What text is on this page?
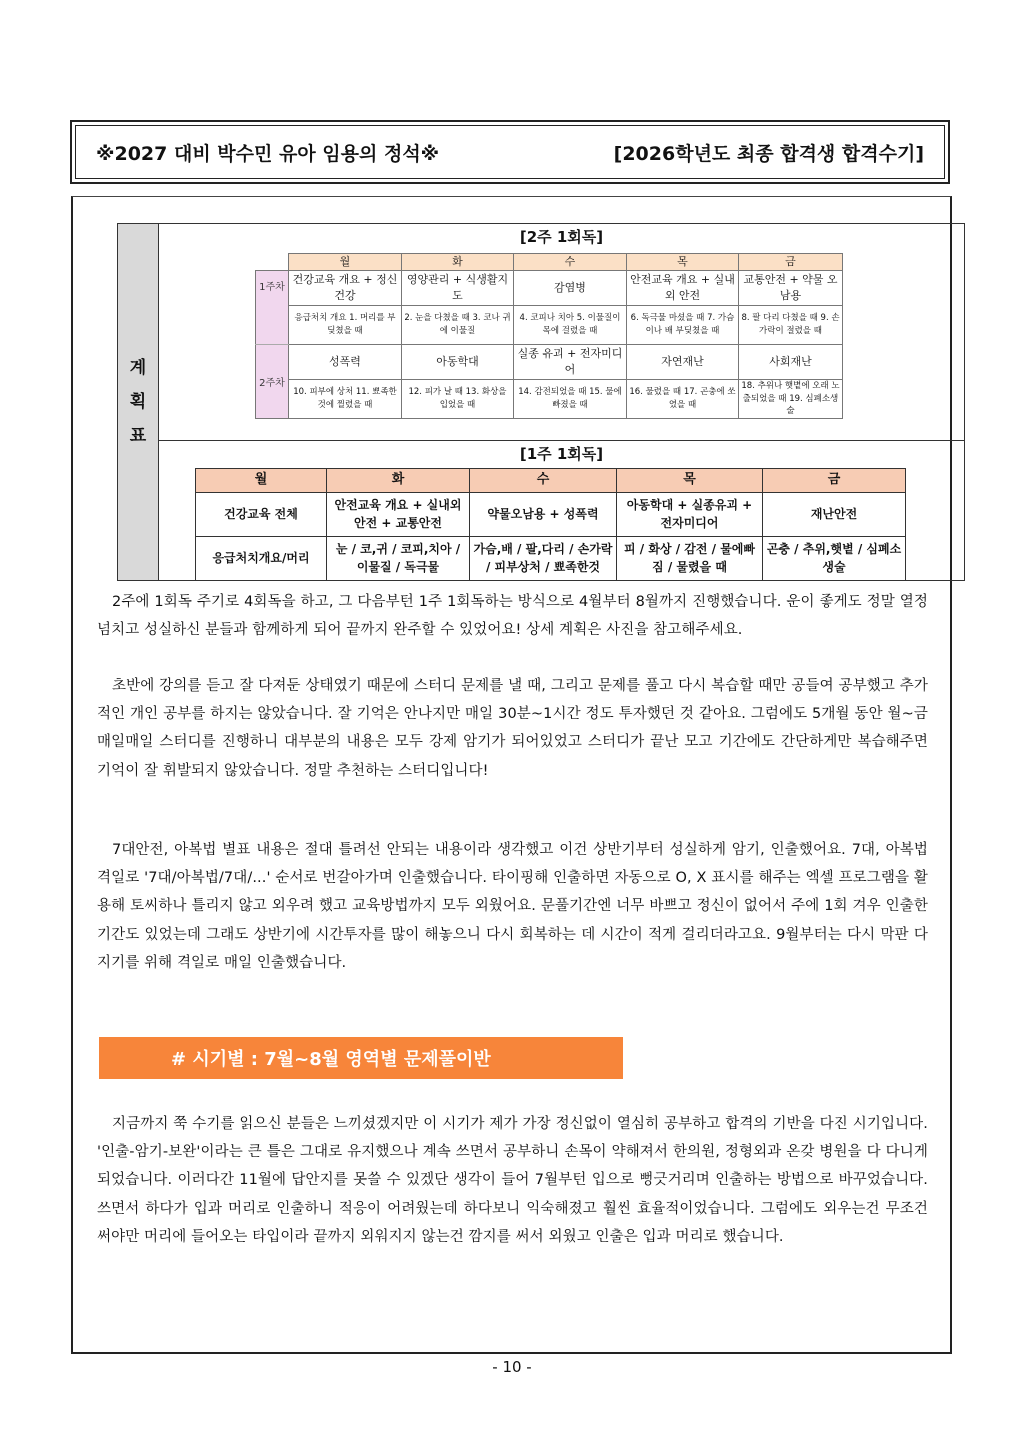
※2027 대비 박수민 유아 임용의 정석※	[2026학년도 최종 합격생 합격수기]
계
획
표
[2주 1회독]
	월	화	수	목	금
1주차	건강교육 개요 + 정신건강	영양관리 + 식생활지도	감염병	안전교육 개요 + 실내외 안전	교통안전 + 약물 오남용
	응급처치 개요 1. 머리를 부딪쳤을 때	2. 눈을 다쳤을 때 3. 코나 귀에 이물질	4. 코피나 치아 5. 이물질이 목에 걸렸을 때	6. 독극물 마셨을 때 7. 가슴이나 배 부딪쳤을 때	8. 팔 다리 다쳤을 때 9. 손가락이 절렸을 때
2주차	성폭력	아동학대	실종 유괴 + 전자미디어	자연재난	사회재난
	10. 피부에 상처 11. 뾰족한 것에 찔렸을 때	12. 피가 날 때 13. 화상을 입었을 때	14. 감전되었을 때 15. 물에 빠졌을 때	16. 물렸을 때 17. 곤충에 쏘였을 때	18. 추위나 햇볕에 오래 노출되었을 때 19. 심폐소생술
[1주 1회독]
월	화	수	목	금
건강교육 전체	안전교육 개요 + 실내외 안전 + 교통안전	약물오남용 + 성폭력	아동학대 + 실종유괴 + 전자미디어	재난안전
응급처치개요/머리	눈 / 코,귀 / 코피,치아 / 이물질 / 독극물	가슴,배 / 팔,다리 / 손가락 / 피부상처 / 뾰족한것	피 / 화상 / 감전 / 물에빠짐 / 물렸을 때	곤충 / 추위,햇볕 / 심폐소생술

2주에 1회독 주기로 4회독을 하고, 그 다음부턴 1주 1회독하는 방식으로 4월부터 8월까지 진행했습니다. 운이 좋게도 정말 열정 넘치고 성실하신 분들과 함께하게 되어 끝까지 완주할 수 있었어요! 상세 계획은 사진을 참고해주세요.

초반에 강의를 듣고 잘 다져둔 상태였기 때문에 스터디 문제를 낼 때, 그리고 문제를 풀고 다시 복습할 때만 공들여 공부했고 추가적인 개인 공부를 하지는 않았습니다. 잘 기억은 안나지만 매일 30분~1시간 정도 투자했던 것 같아요. 그럼에도 5개월 동안 월~금 매일매일 스터디를 진행하니 대부분의 내용은 모두 강제 암기가 되어있었고 스터디가 끝난 모고 기간에도 간단하게만 복습해주면 기억이 잘 휘발되지 않았습니다. 정말 추천하는 스터디입니다!

7대안전, 아복법 별표 내용은 절대 틀려선 안되는 내용이라 생각했고 이건 상반기부터 성실하게 암기, 인출했어요. 7대, 아복법 격일로 '7대/아복법/7대/...' 순서로 번갈아가며 인출했습니다. 타이핑해 인출하면 자동으로 O, X 표시를 해주는 엑셀 프로그램을 활용해 토씨하나 틀리지 않고 외우려 했고 교육방법까지 모두 외웠어요. 문풀기간엔 너무 바쁘고 정신이 없어서 주에 1회 겨우 인출한 기간도 있었는데 그래도 상반기에 시간투자를 많이 해놓으니 다시 회복하는 데 시간이 적게 걸리더라고요. 9월부터는 다시 막판 다지기를 위해 격일로 매일 인출했습니다.

# 시기별 : 7월~8월 영역별 문제풀이반

지금까지 쭉 수기를 읽으신 분들은 느끼셨겠지만 이 시기가 제가 가장 정신없이 열심히 공부하고 합격의 기반을 다진 시기입니다. '인출-암기-보완'이라는 큰 틀은 그대로 유지했으나 계속 쓰면서 공부하니 손목이 약해져서 한의원, 정형외과 온갖 병원을 다 다니게 되었습니다. 이러다간 11월에 답안지를 못쓸 수 있겠단 생각이 들어 7월부턴 입으로 뻥긋거리며 인출하는 방법으로 바꾸었습니다. 쓰면서 하다가 입과 머리로 인출하니 적응이 어려웠는데 하다보니 익숙해졌고 훨씬 효율적이었습니다. 그럼에도 외우는건 무조건 써야만 머리에 들어오는 타입이라 끝까지 외워지지 않는건 깜지를 써서 외웠고 인출은 입과 머리로 했습니다.

- 10 -
